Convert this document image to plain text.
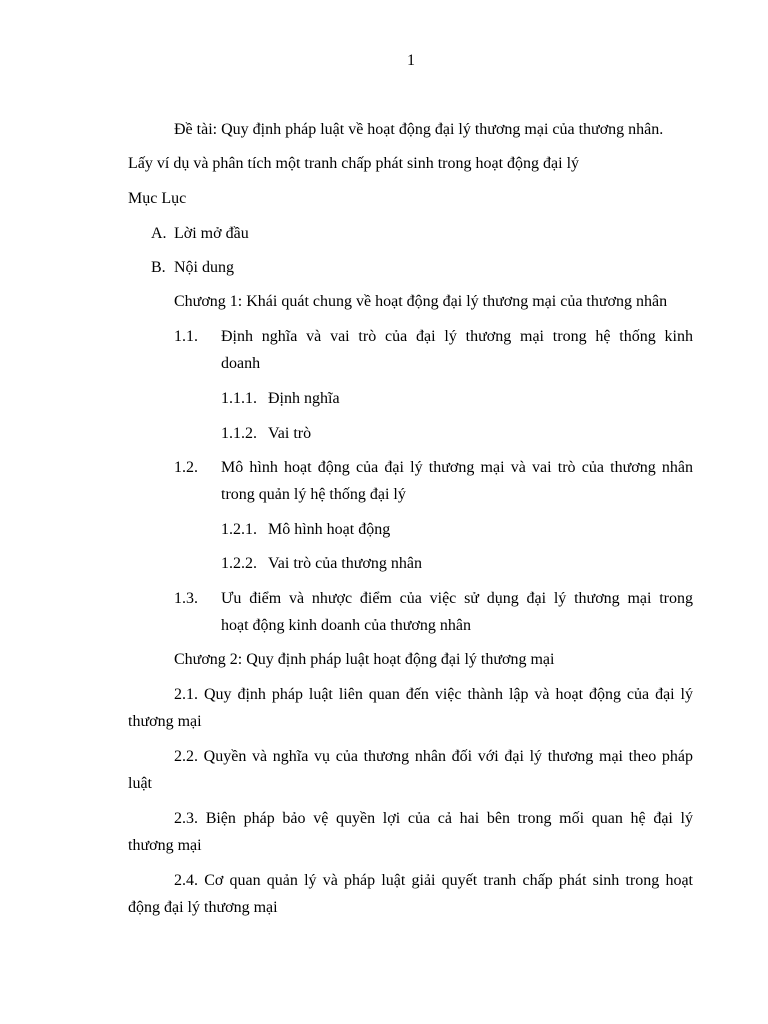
1
Đề tài: Quy định pháp luật về hoạt động đại lý thương mại của thương nhân.
Lấy ví dụ và phân tích một tranh chấp phát sinh trong hoạt động đại lý
Mục Lục
A. Lời mở đầu
B. Nội dung
Chương 1: Khái quát chung về hoạt động đại lý thương mại của thương nhân
1.1. Định nghĩa và vai trò của đại lý thương mại trong hệ thống kinh
doanh
1.1.1. Định nghĩa
1.1.2. Vai trò
1.2. Mô hình hoạt động của đại lý thương mại và vai trò của thương nhân
trong quản lý hệ thống đại lý
1.2.1. Mô hình hoạt động
1.2.2. Vai trò của thương nhân
1.3. Ưu điểm và nhược điểm của việc sử dụng đại lý thương mại trong
hoạt động kinh doanh của thương nhân
Chương 2: Quy định pháp luật hoạt động đại lý thương mại
2.1. Quy định pháp luật liên quan đến việc thành lập và hoạt động của đại lý
thương mại
2.2. Quyền và nghĩa vụ của thương nhân đối với đại lý thương mại theo pháp
luật
2.3. Biện pháp bảo vệ quyền lợi của cả hai bên trong mối quan hệ đại lý
thương mại
2.4. Cơ quan quản lý và pháp luật giải quyết tranh chấp phát sinh trong hoạt
động đại lý thương mại
